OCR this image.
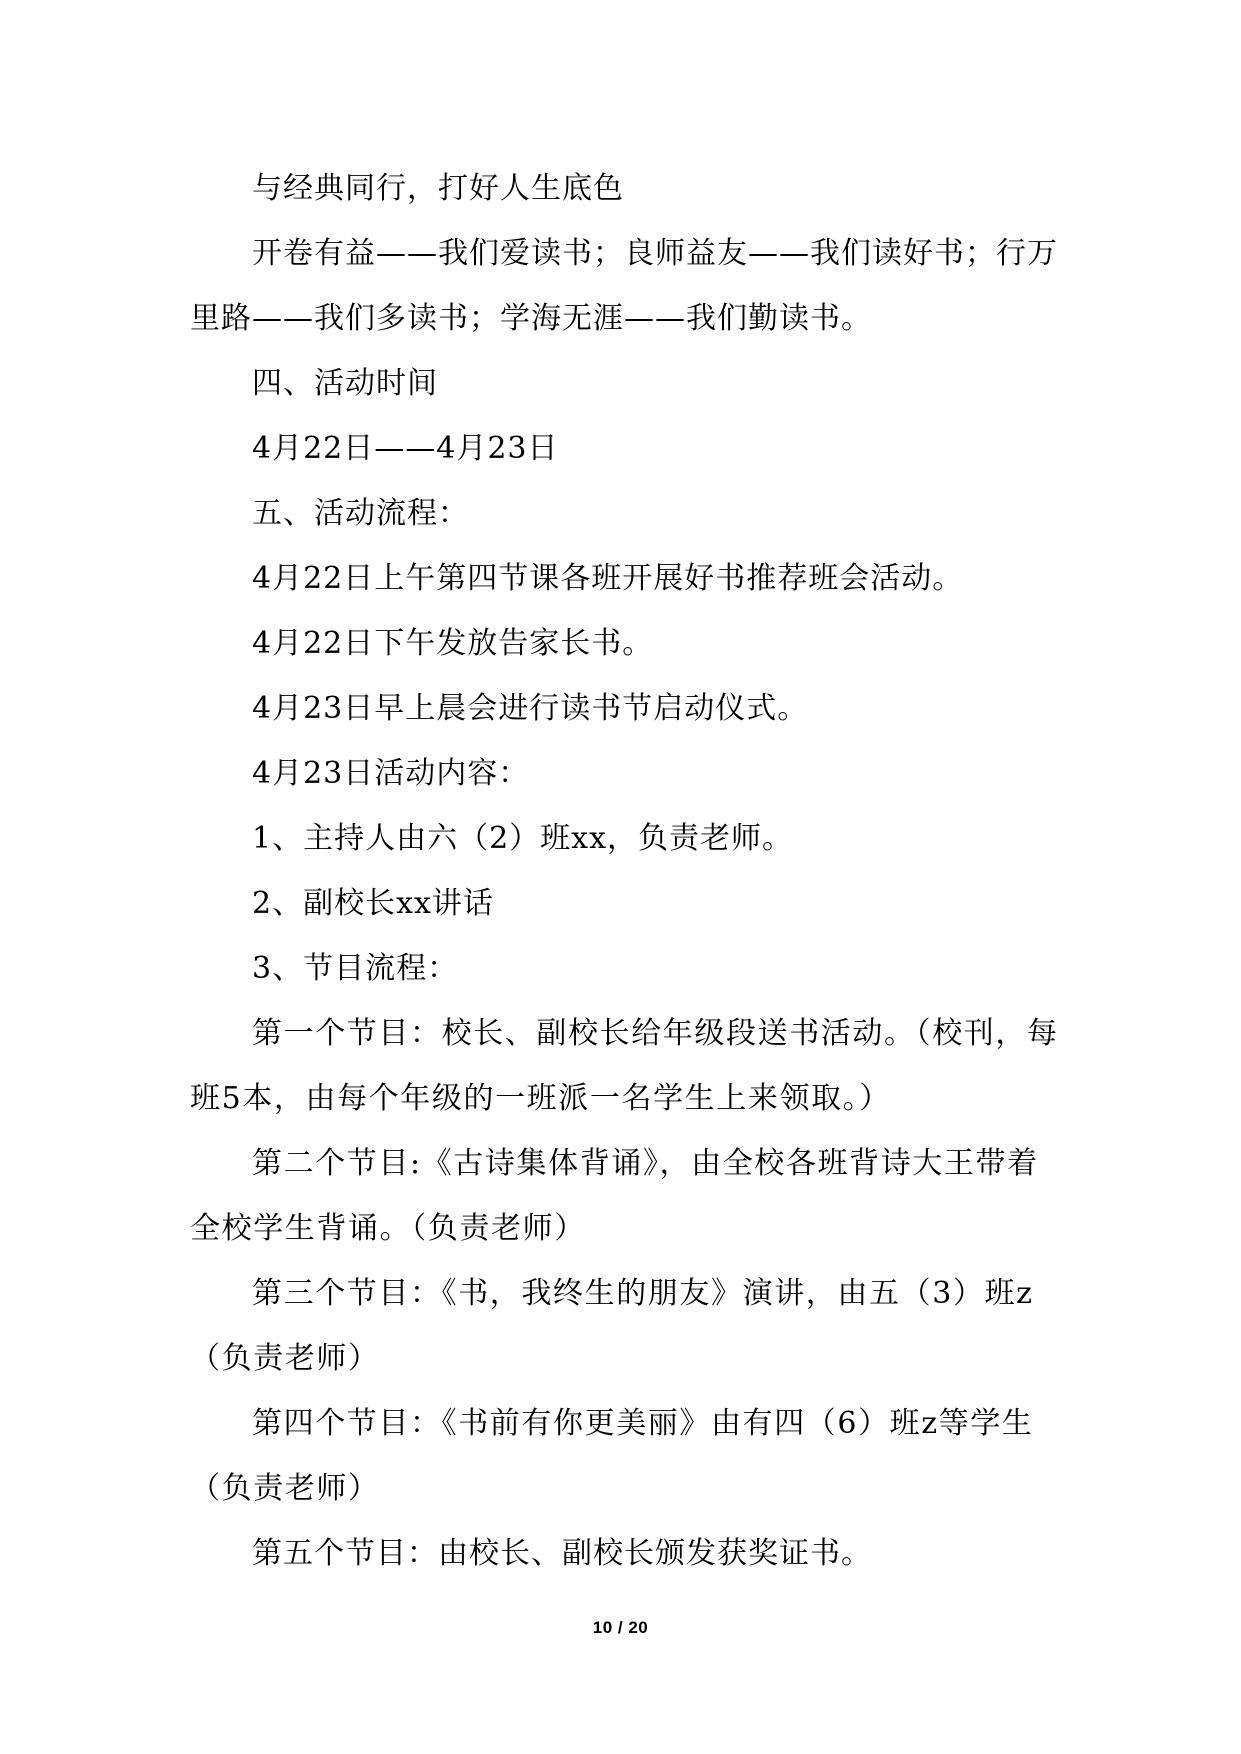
与经典同行，打好人生底色

开卷有益——我们爱读书；良师益友——我们读好书；行万里路——我们多读书；学海无涯——我们勤读书。

四、活动时间

4月22日——4月23日

五、活动流程：

4月22日上午第四节课各班开展好书推荐班会活动。

4月22日下午发放告家长书。

4月23日早上晨会进行读书节启动仪式。

4月23日活动内容：

1、主持人由六（2）班xx，负责老师。

2、副校长xx讲话

3、节目流程：

第一个节目：校长、副校长给年级段送书活动。（校刊，每班5本，由每个年级的一班派一名学生上来领取。）

第二个节目:《古诗集体背诵》，由全校各班背诗大王带着全校学生背诵。（负责老师）

第三个节目：《书，我终生的朋友》演讲，由五（3）班z（负责老师）

第四个节目：《书前有你更美丽》由有四（6）班z等学生（负责老师）

第五个节目：由校长、副校长颁发获奖证书。

10 / 20
